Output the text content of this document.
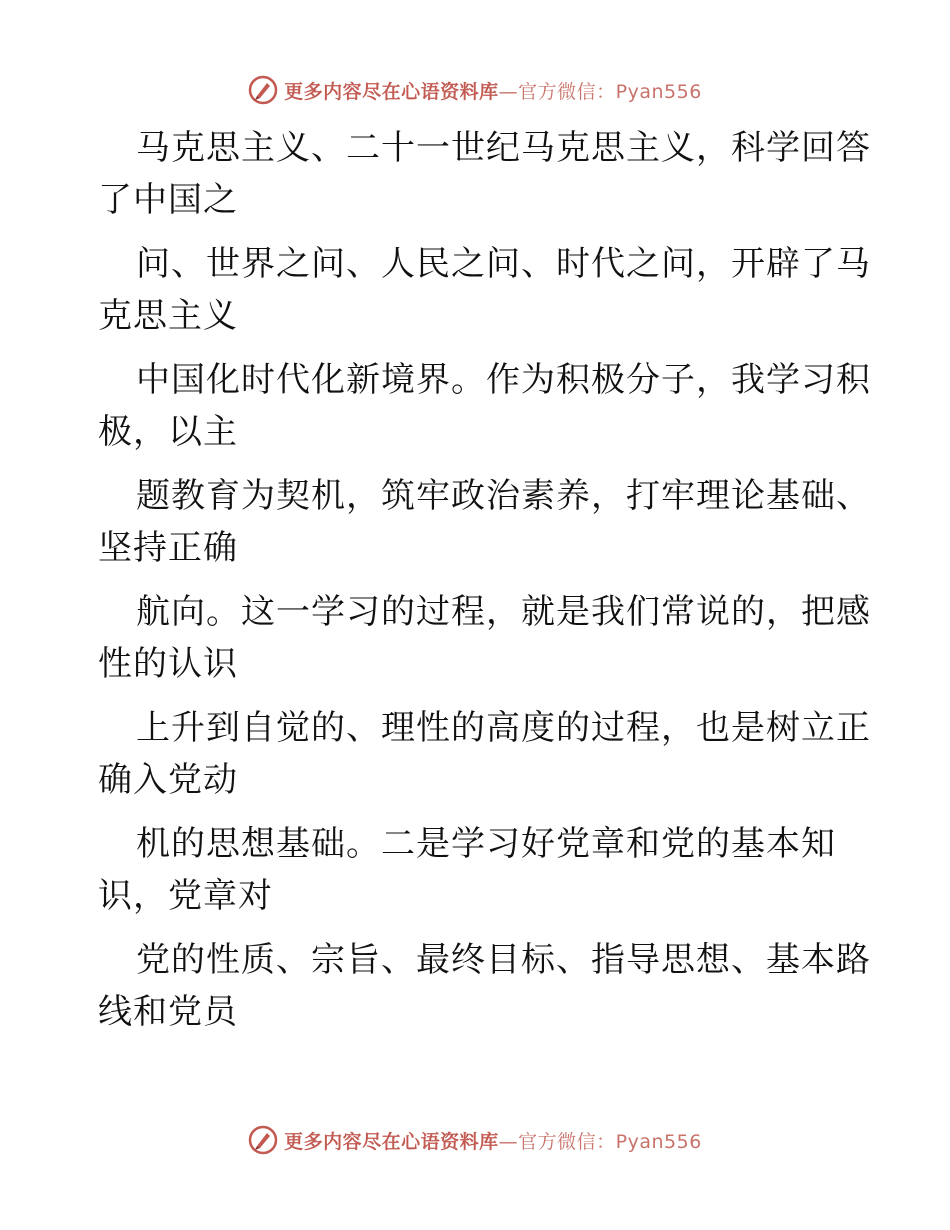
更多内容尽在心语资料库—官方微信：Pyan556
马克思主义、二十一世纪马克思主义，科学回答
了中国之
问、世界之问、人民之问、时代之问，开辟了马
克思主义
中国化时代化新境界。作为积极分子，我学习积
极，以主
题教育为契机，筑牢政治素养，打牢理论基础、
坚持正确
航向。这一学习的过程，就是我们常说的，把感
性的认识
上升到自觉的、理性的高度的过程，也是树立正
确入党动
机的思想基础。二是学习好党章和党的基本知
识，党章对
党的性质、宗旨、最终目标、指导思想、基本路
线和党员
更多内容尽在心语资料库—官方微信：Pyan556
